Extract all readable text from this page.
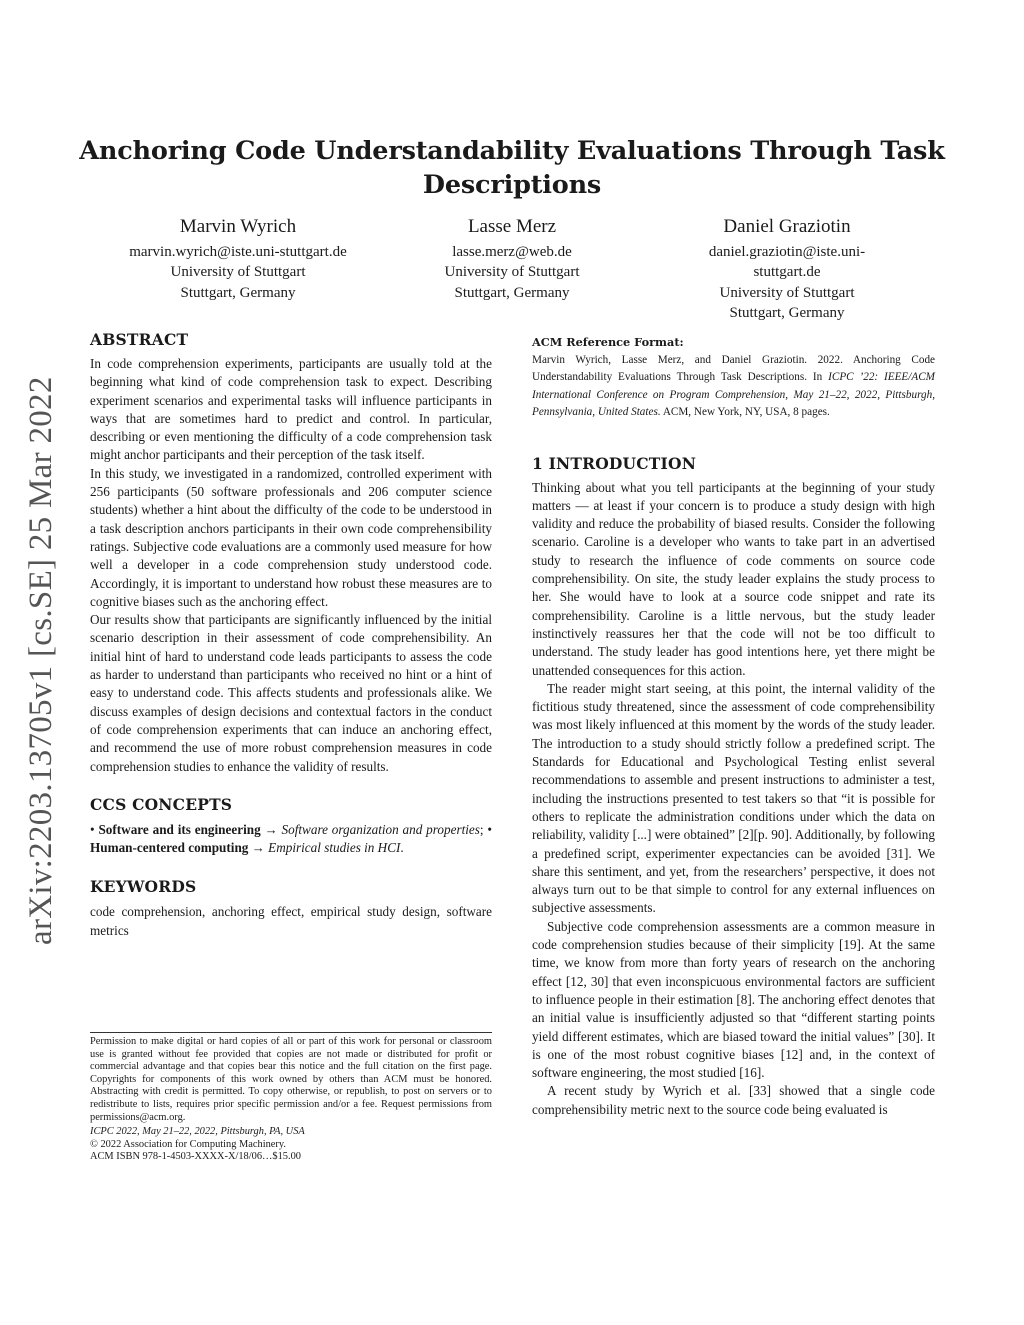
Anchoring Code Understandability Evaluations Through Task
Descriptions
Marvin Wyrich
marvin.wyrich@iste.uni-stuttgart.de
University of Stuttgart
Stuttgart, Germany
Lasse Merz
lasse.merz@web.de
University of Stuttgart
Stuttgart, Germany
Daniel Graziotin
daniel.graziotin@iste.uni-
stuttgart.de
University of Stuttgart
Stuttgart, Germany
arXiv:2203.13705v1 [cs.SE] 25 Mar 2022
ABSTRACT

In code comprehension experiments, participants are usually told at the beginning what kind of code comprehension task to expect. Describing experiment scenarios and experimental tasks will influence participants in ways that are sometimes hard to predict and control. In particular, describing or even mentioning the difficulty of a code comprehension task might anchor participants and their perception of the task itself.

In this study, we investigated in a randomized, controlled experiment with 256 participants (50 software professionals and 206 computer science students) whether a hint about the difficulty of the code to be understood in a task description anchors participants in their own code comprehensibility ratings. Subjective code evaluations are a commonly used measure for how well a developer in a code comprehension study understood code. Accordingly, it is important to understand how robust these measures are to cognitive biases such as the anchoring effect.

Our results show that participants are significantly influenced by the initial scenario description in their assessment of code comprehensibility. An initial hint of hard to understand code leads participants to assess the code as harder to understand than participants who received no hint or a hint of easy to understand code. This affects students and professionals alike. We discuss examples of design decisions and contextual factors in the conduct of code comprehension experiments that can induce an anchoring effect, and recommend the use of more robust comprehension measures in code comprehension studies to enhance the validity of results.

CCS CONCEPTS

• Software and its engineering → Software organization and properties; • Human-centered computing → Empirical studies in HCI.

KEYWORDS

code comprehension, anchoring effect, empirical study design, software metrics

Permission to make digital or hard copies of all or part of this work for personal or classroom use is granted without fee provided that copies are not made or distributed for profit or commercial advantage and that copies bear this notice and the full citation on the first page. Copyrights for components of this work owned by others than ACM must be honored. Abstracting with credit is permitted. To copy otherwise, or republish, to post on servers or to redistribute to lists, requires prior specific permission and/or a fee. Request permissions from permissions@acm.org.

ICPC 2022, May 21–22, 2022, Pittsburgh, PA, USA

© 2022 Association for Computing Machinery.

ACM ISBN 978-1-4503-XXXX-X/18/06…$15.00

ACM Reference Format:

Marvin Wyrich, Lasse Merz, and Daniel Graziotin. 2022. Anchoring Code Understandability Evaluations Through Task Descriptions. In ICPC ’22: IEEE/ACM International Conference on Program Comprehension, May 21–22, 2022, Pittsburgh, Pennsylvania, United States. ACM, New York, NY, USA, 8 pages.

1 INTRODUCTION

Thinking about what you tell participants at the beginning of your study matters — at least if your concern is to produce a study design with high validity and reduce the probability of biased results. Consider the following scenario. Caroline is a developer who wants to take part in an advertised study to research the influence of code comments on source code comprehensibility. On site, the study leader explains the study process to her. She would have to look at a source code snippet and rate its comprehensibility. Caroline is a little nervous, but the study leader instinctively reassures her that the code will not be too difficult to understand. The study leader has good intentions here, yet there might be unattended consequences for this action.

The reader might start seeing, at this point, the internal validity of the fictitious study threatened, since the assessment of code comprehensibility was most likely influenced at this moment by the words of the study leader. The introduction to a study should strictly follow a predefined script. The Standards for Educational and Psychological Testing enlist several recommendations to assemble and present instructions to administer a test, including the instructions presented to test takers so that “it is possible for others to replicate the administration conditions under which the data on reliability, validity [...] were obtained” [2][p. 90]. Additionally, by following a predefined script, experimenter expectancies can be avoided [31]. We share this sentiment, and yet, from the researchers’ perspective, it does not always turn out to be that simple to control for any external influences on subjective assessments.

Subjective code comprehension assessments are a common measure in code comprehension studies because of their simplicity [19]. At the same time, we know from more than forty years of research on the anchoring effect [12, 30] that even inconspicuous environmental factors are sufficient to influence people in their estimation [8]. The anchoring effect denotes that an initial value is insufficiently adjusted so that “different starting points yield different estimates, which are biased toward the initial values” [30]. It is one of the most robust cognitive biases [12] and, in the context of software engineering, the most studied [16].

A recent study by Wyrich et al. [33] showed that a single code comprehensibility metric next to the source code being evaluated is
